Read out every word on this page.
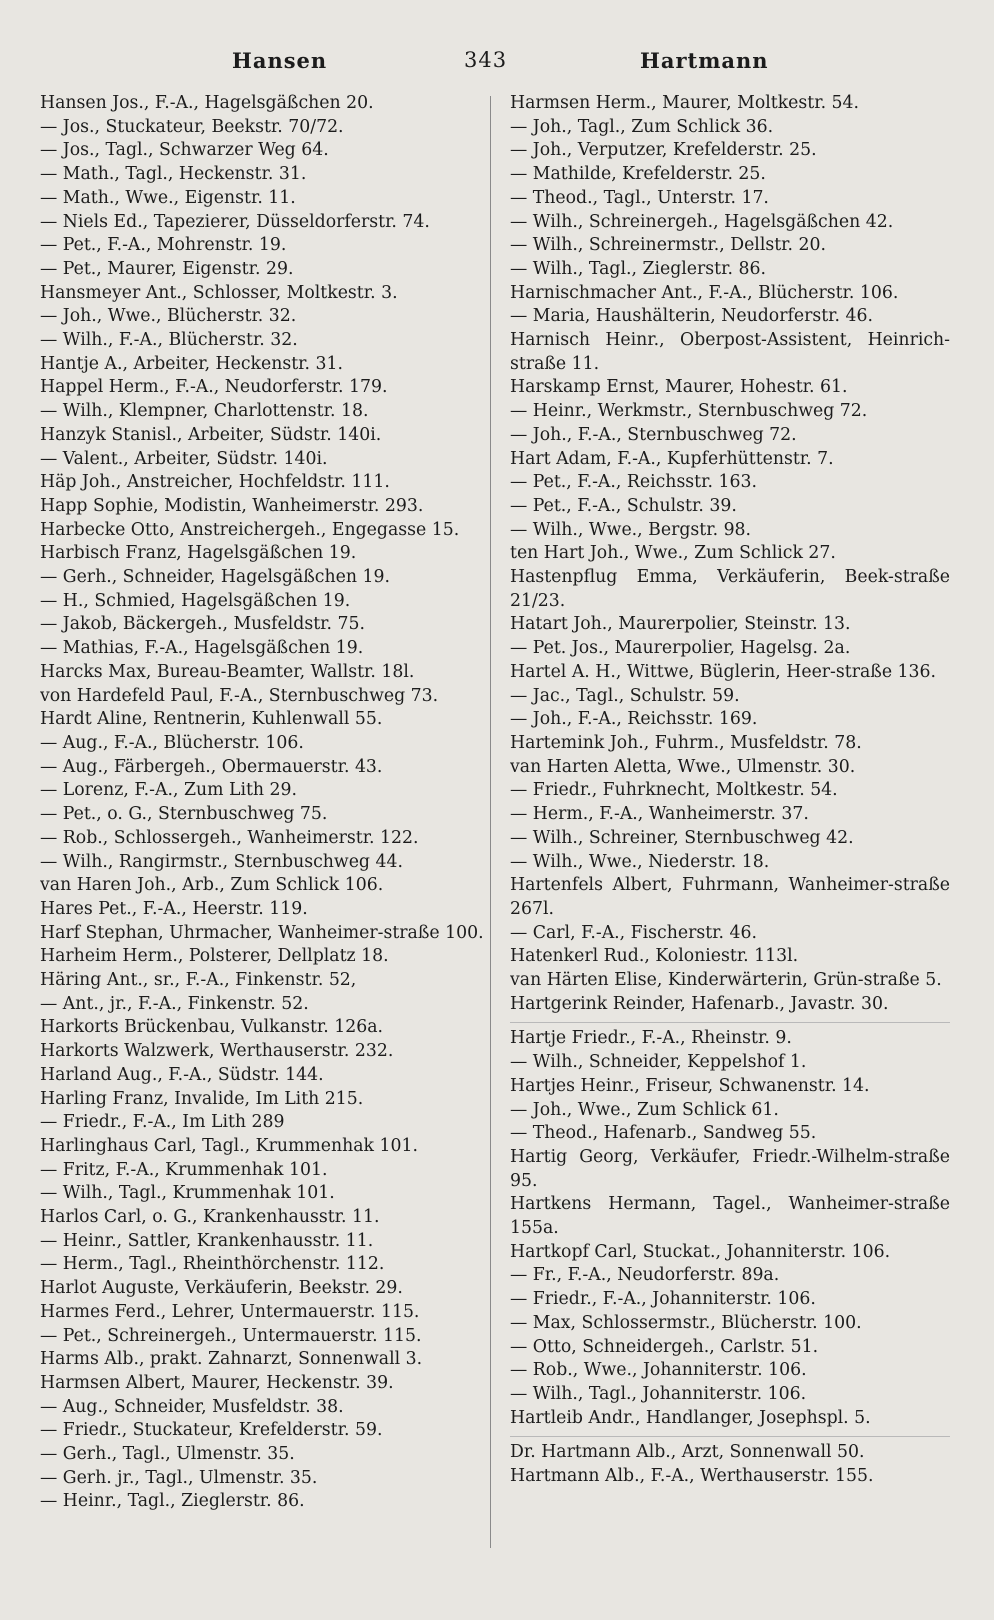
Hansen	343	Hartmann
Hansen Jos., F.-A., Hagelsgäßchen 20.
— Jos., Stuckateur, Beekstr. 70/72.
— Jos., Tagl., Schwarzer Weg 64.
— Math., Tagl., Heckenstr. 31.
— Math., Wwe., Eigenstr. 11.
— Niels Ed., Tapezierer, Düsseldorferstr. 74.
— Pet., F.-A., Mohrenstr. 19.
— Pet., Maurer, Eigenstr. 29.
Hansmeyer Ant., Schlosser, Moltkestr. 3.
— Joh., Wwe., Blücherstr. 32.
— Wilh., F.-A., Blücherstr. 32.
Hantje A., Arbeiter, Heckenstr. 31.
Happel Herm., F.-A., Neudorferstr. 179.
— Wilh., Klempner, Charlottenstr. 18.
Hanzyk Stanisl., Arbeiter, Südstr. 140i.
— Valent., Arbeiter, Südstr. 140i.
Häp Joh., Anstreicher, Hochfeldstr. 111.
Happ Sophie, Modistin, Wanheimerstr. 293.
Harbecke Otto, Anstreichergeh., Engegasse 15.
Harbisch Franz, Hagelsgäßchen 19.
— Gerh., Schneider, Hagelsgäßchen 19.
— H., Schmied, Hagelsgäßchen 19.
— Jakob, Bäckergeh., Musfeldstr. 75.
— Mathias, F.-A., Hagelsgäßchen 19.
Harcks Max, Bureau-Beamter, Wallstr. 18l.
von Hardefeld Paul, F.-A., Sternbuschweg 73.
Hardt Aline, Rentnerin, Kuhlenwall 55.
— Aug., F.-A., Blücherstr. 106.
— Aug., Färbergeh., Obermauerstr. 43.
— Lorenz, F.-A., Zum Lith 29.
— Pet., o. G., Sternbuschweg 75.
— Rob., Schlossergeh., Wanheimerstr. 122.
— Wilh., Rangirmstr., Sternbuschweg 44.
van Haren Joh., Arb., Zum Schlick 106.
Hares Pet., F.-A., Heerstr. 119.
Harf Stephan, Uhrmacher, Wanheimer-straße 100.
Harheim Herm., Polsterer, Dellplatz 18.
Häring Ant., sr., F.-A., Finkenstr. 52,
— Ant., jr., F.-A., Finkenstr. 52.
Harkorts Brückenbau, Vulkanstr. 126a.
Harkorts Walzwerk, Werthauserstr. 232.
Harland Aug., F.-A., Südstr. 144.
Harling Franz, Invalide, Im Lith 215.
— Friedr., F.-A., Im Lith 289
Harlinghaus Carl, Tagl., Krummenhak 101.
— Fritz, F.-A., Krummenhak 101.
— Wilh., Tagl., Krummenhak 101.
Harlos Carl, o. G., Krankenhausstr. 11.
— Heinr., Sattler, Krankenhausstr. 11.
— Herm., Tagl., Rheinthörchenstr. 112.
Harlot Auguste, Verkäuferin, Beekstr. 29.
Harmes Ferd., Lehrer, Untermauerstr. 115.
— Pet., Schreinergeh., Untermauerstr. 115.
Harms Alb., prakt. Zahnarzt, Sonnenwall 3.
Harmsen Albert, Maurer, Heckenstr. 39.
— Aug., Schneider, Musfeldstr. 38.
— Friedr., Stuckateur, Krefelderstr. 59.
— Gerh., Tagl., Ulmenstr. 35.
— Gerh. jr., Tagl., Ulmenstr. 35.
— Heinr., Tagl., Zieglerstr. 86.
Harmsen Herm., Maurer, Moltkestr. 54.
— Joh., Tagl., Zum Schlick 36.
— Joh., Verputzer, Krefelderstr. 25.
— Mathilde, Krefelderstr. 25.
— Theod., Tagl., Unterstr. 17.
— Wilh., Schreinergeh., Hagelsgäßchen 42.
— Wilh., Schreinermstr., Dellstr. 20.
— Wilh., Tagl., Zieglerstr. 86.
Harnischmacher Ant., F.-A., Blücherstr. 106.
— Maria, Haushälterin, Neudorferstr. 46.
Harnisch Heinr., Oberpost-Assistent, Heinrich-straße 11.
Harskamp Ernst, Maurer, Hohestr. 61.
— Heinr., Werkmstr., Sternbuschweg 72.
— Joh., F.-A., Sternbuschweg 72.
Hart Adam, F.-A., Kupferhüttenstr. 7.
— Pet., F.-A., Reichsstr. 163.
— Pet., F.-A., Schulstr. 39.
— Wilh., Wwe., Bergstr. 98.
ten Hart Joh., Wwe., Zum Schlick 27.
Hastenpflug Emma, Verkäuferin, Beek-straße 21/23.
Hatart Joh., Maurerpolier, Steinstr. 13.
— Pet. Jos., Maurerpolier, Hagelsg. 2a.
Hartel A. H., Wittwe, Büglerin, Heer-straße 136.
— Jac., Tagl., Schulstr. 59.
— Joh., F.-A., Reichsstr. 169.
Hartemink Joh., Fuhrm., Musfeldstr. 78.
van Harten Aletta, Wwe., Ulmenstr. 30.
— Friedr., Fuhrknecht, Moltkestr. 54.
— Herm., F.-A., Wanheimerstr. 37.
— Wilh., Schreiner, Sternbuschweg 42.
— Wilh., Wwe., Niederstr. 18.
Hartenfels Albert, Fuhrmann, Wanheimer-straße 267l.
— Carl, F.-A., Fischerstr. 46.
Hatenkerl Rud., Koloniestr. 113l.
van Härten Elise, Kinderwärterin, Grün-straße 5.
Hartgerink Reinder, Hafenarb., Javastr. 30.
Hartje Friedr., F.-A., Rheinstr. 9.
— Wilh., Schneider, Keppelshof 1.
Hartjes Heinr., Friseur, Schwanenstr. 14.
— Joh., Wwe., Zum Schlick 61.
— Theod., Hafenarb., Sandweg 55.
Hartig Georg, Verkäufer, Friedr.-Wilhelm-straße 95.
Hartkens Hermann, Tagel., Wanheimer-straße 155a.
Hartkopf Carl, Stuckat., Johanniterstr. 106.
— Fr., F.-A., Neudorferstr. 89a.
— Friedr., F.-A., Johanniterstr. 106.
— Max, Schlossermstr., Blücherstr. 100.
— Otto, Schneidergeh., Carlstr. 51.
— Rob., Wwe., Johanniterstr. 106.
— Wilh., Tagl., Johanniterstr. 106.
Hartleib Andr., Handlanger, Josephspl. 5.
Dr. Hartmann Alb., Arzt, Sonnenwall 50.
Hartmann Alb., F.-A., Werthauserstr. 155.
